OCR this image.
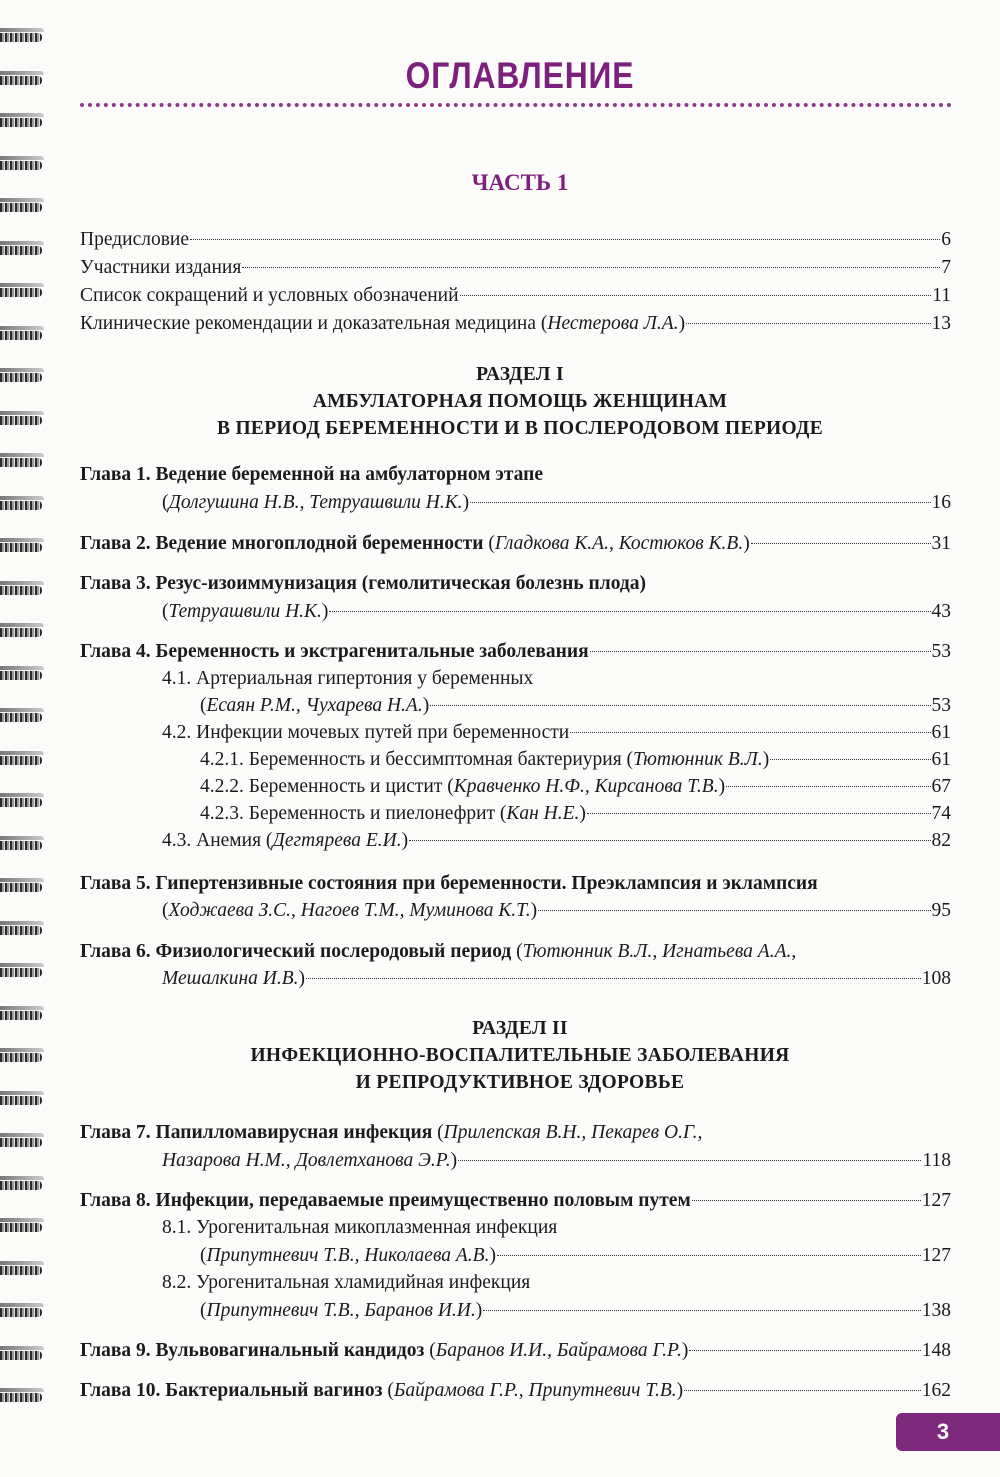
ОГЛАВЛЕНИЕ
ЧАСТЬ 1
Предисловие	6
Участники издания	7
Список сокращений и условных обозначений	11
Клинические рекомендации и доказательная медицина (Нестерова Л.А.)	13
РАЗДЕЛ I
АМБУЛАТОРНАЯ ПОМОЩЬ ЖЕНЩИНАМ
В ПЕРИОД БЕРЕМЕННОСТИ И В ПОСЛЕРОДОВОМ ПЕРИОДЕ
Глава 1. Ведение беременной на амбулаторном этапе
(Долгушина Н.В., Тетруашвили Н.К.)	16
Глава 2. Ведение многоплодной беременности (Гладкова К.А., Костюков К.В.)	31
Глава 3. Резус-изоиммунизация (гемолитическая болезнь плода)
(Тетруашвили Н.К.)	43
Глава 4. Беременность и экстрагенитальные заболевания	53
4.1. Артериальная гипертония у беременных
(Есаян Р.М., Чухарева Н.А.)	53
4.2. Инфекции мочевых путей при беременности	61
4.2.1. Беременность и бессимптомная бактериурия (Тютюнник В.Л.)	61
4.2.2. Беременность и цистит (Кравченко Н.Ф., Кирсанова Т.В.)	67
4.2.3. Беременность и пиелонефрит (Кан Н.Е.)	74
4.3. Анемия (Дегтярева Е.И.)	82
Глава 5. Гипертензивные состояния при беременности. Преэклампсия и эклампсия
(Ходжаева З.С., Нагоев Т.М., Муминова К.Т.)	95
Глава 6. Физиологический послеродовый период (Тютюнник В.Л., Игнатьева А.А.,
Мешалкина И.В.)	108
РАЗДЕЛ II
ИНФЕКЦИОННО-ВОСПАЛИТЕЛЬНЫЕ ЗАБОЛЕВАНИЯ
И РЕПРОДУКТИВНОЕ ЗДОРОВЬЕ
Глава 7. Папилломавирусная инфекция (Прилепская В.Н., Пекарев О.Г.,
Назарова Н.М., Довлетханова Э.Р.)	118
Глава 8. Инфекции, передаваемые преимущественно половым путем	127
8.1. Урогенитальная микоплазменная инфекция
(Припутневич Т.В., Николаева А.В.)	127
8.2. Урогенитальная хламидийная инфекция
(Припутневич Т.В., Баранов И.И.)	138
Глава 9. Вульвовагинальный кандидоз (Баранов И.И., Байрамова Г.Р.)	148
Глава 10. Бактериальный вагиноз (Байрамова Г.Р., Припутневич Т.В.)	162
3
